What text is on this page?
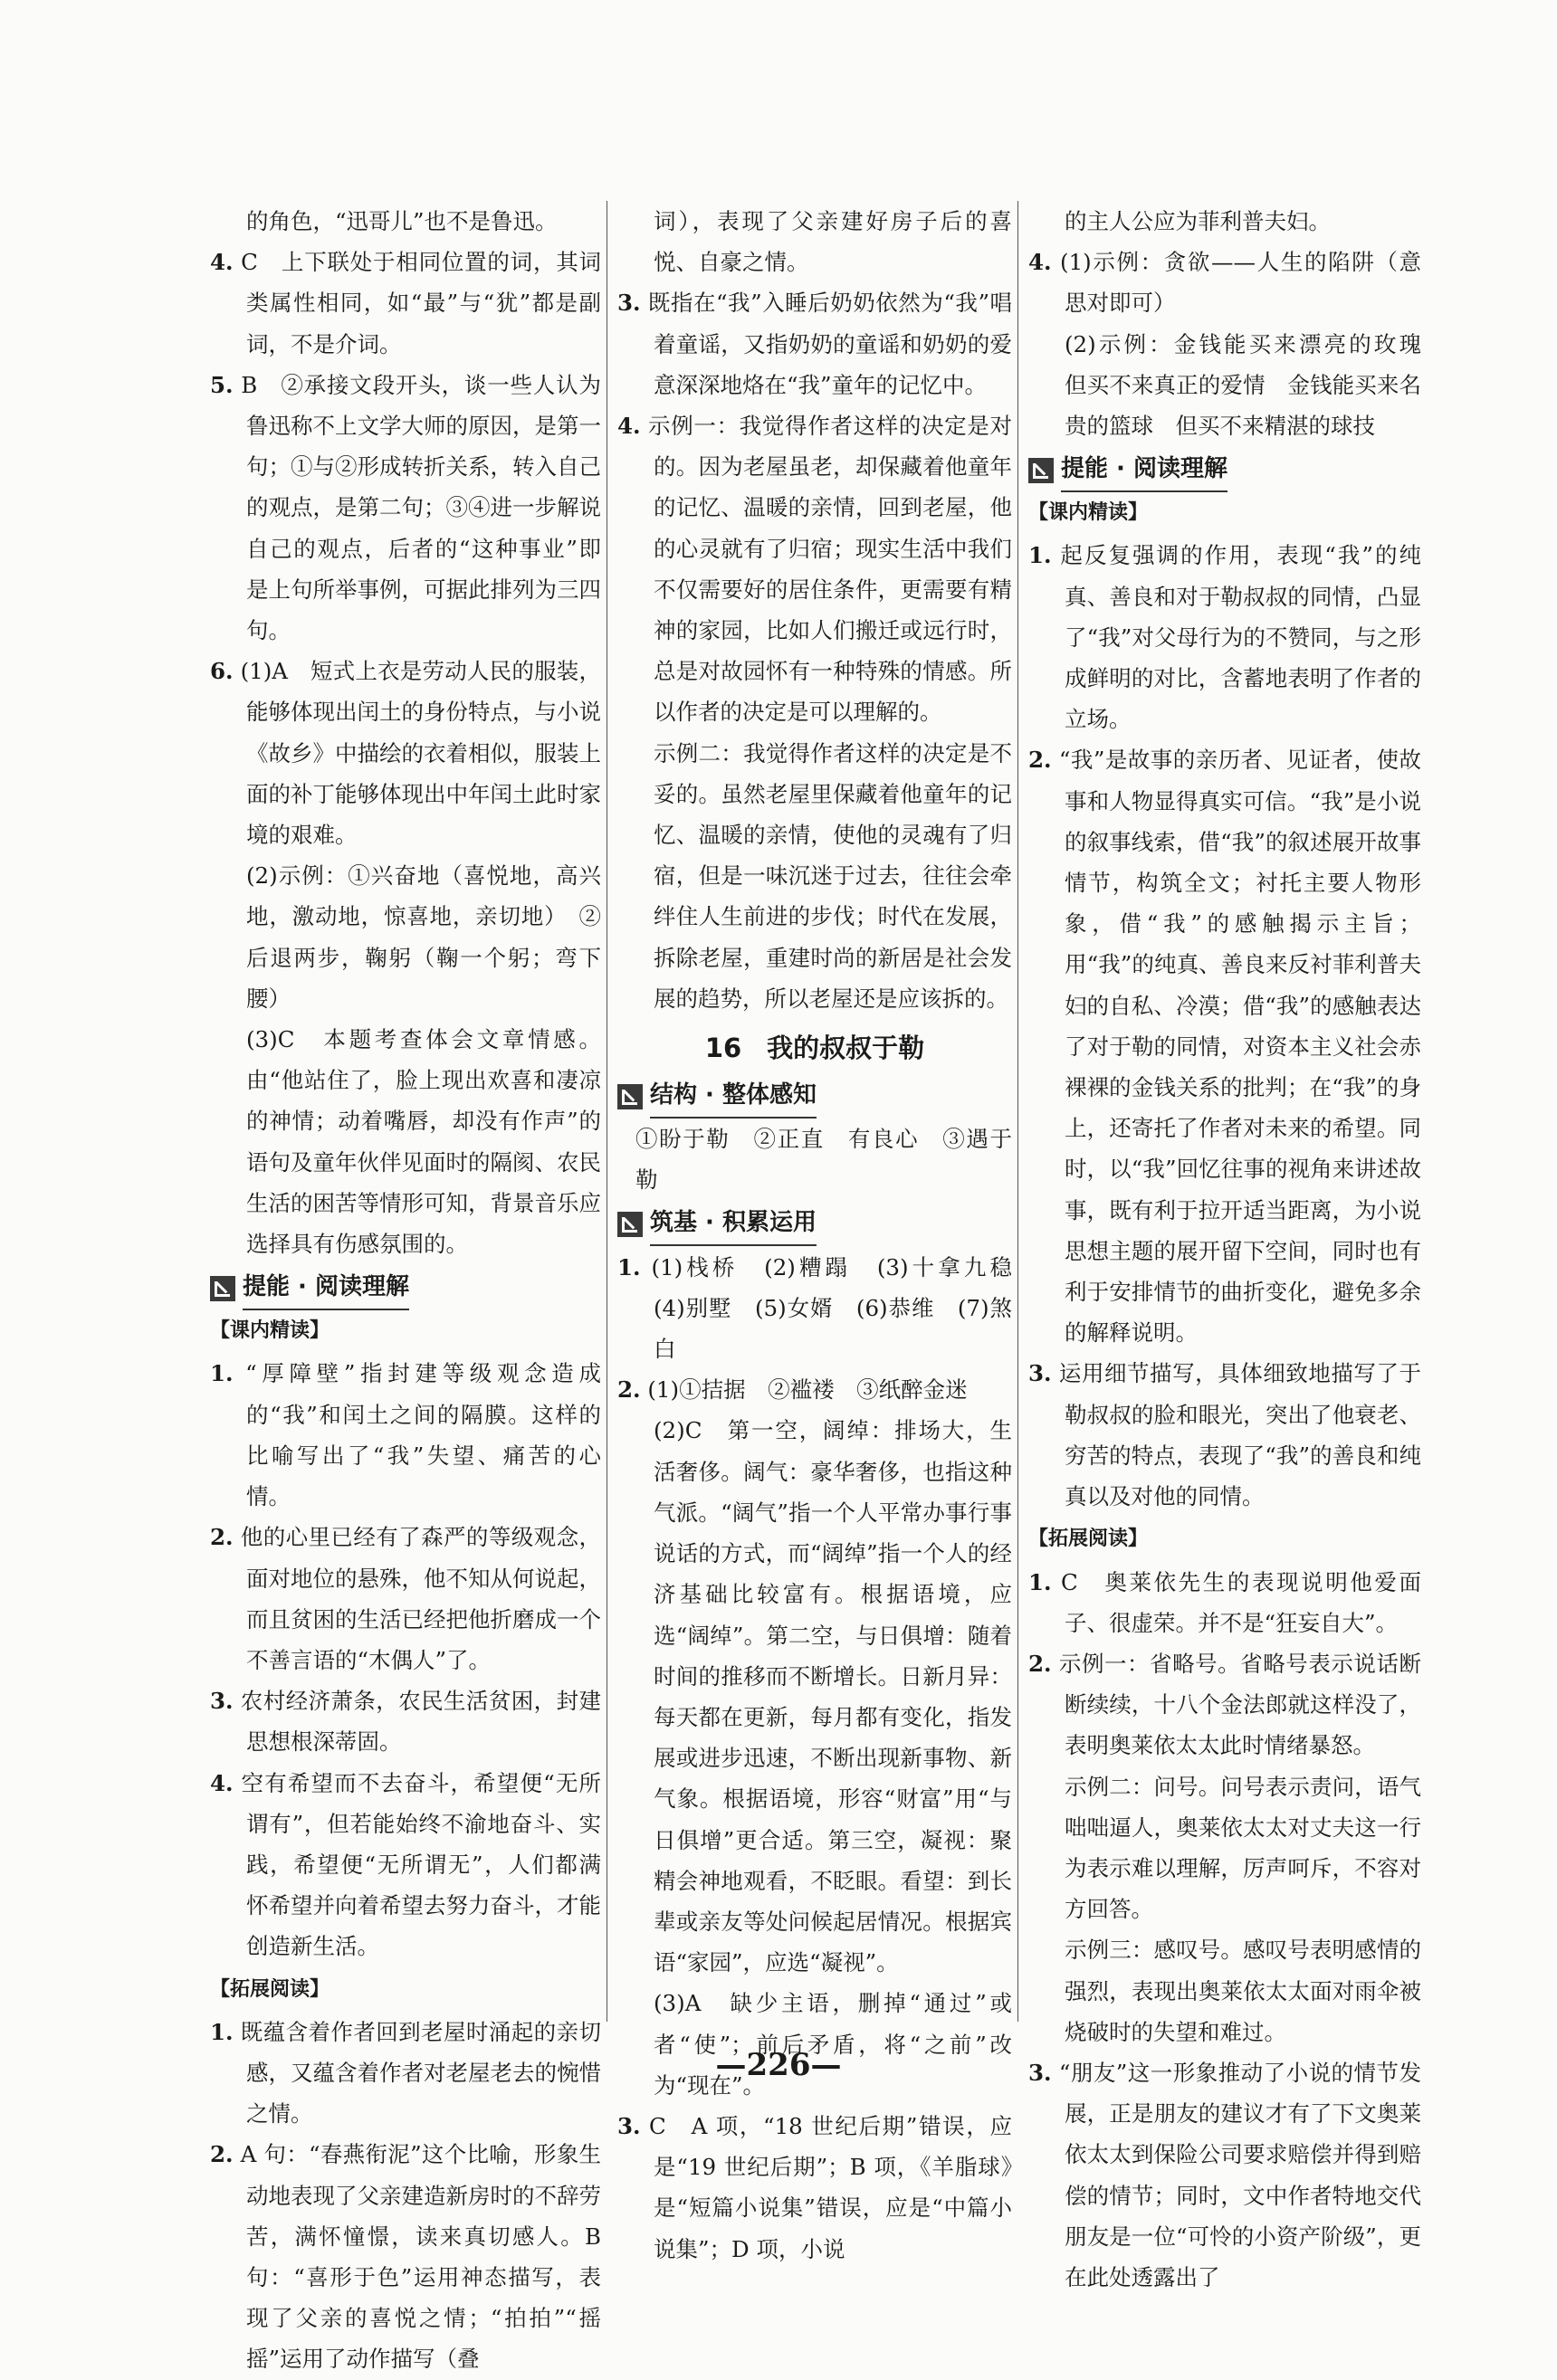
的角色，“迅哥儿”也不是鲁迅。

4. C　上下联处于相同位置的词，其词类属性相同，如“最”与“犹”都是副词，不是介词。

5. B　②承接文段开头，谈一些人认为鲁迅称不上文学大师的原因，是第一句；①与②形成转折关系，转入自己的观点，是第二句；③④进一步解说自己的观点，后者的“这种事业”即是上句所举事例，可据此排列为三四句。

6. (1)A　短式上衣是劳动人民的服装，能够体现出闰土的身份特点，与小说《故乡》中描绘的衣着相似，服装上面的补丁能够体现出中年闰土此时家境的艰难。

(2)示例：①兴奋地（喜悦地，高兴地，激动地，惊喜地，亲切地）　②后退两步，鞠躬（鞠一个躬；弯下腰）

(3)C　本题考查体会文章情感。由“他站住了，脸上现出欢喜和凄凉的神情；动着嘴唇，却没有作声”的语句及童年伙伴见面时的隔阂、农民生活的困苦等情形可知，背景音乐应选择具有伤感氛围的。

提能 · 阅读理解
【课内精读】

1. “厚障壁”指封建等级观念造成的“我”和闰土之间的隔膜。这样的比喻写出了“我”失望、痛苦的心情。

2. 他的心里已经有了森严的等级观念，面对地位的悬殊，他不知从何说起，而且贫困的生活已经把他折磨成一个不善言语的“木偶人”了。

3. 农村经济萧条，农民生活贫困，封建思想根深蒂固。

4. 空有希望而不去奋斗，希望便“无所谓有”，但若能始终不渝地奋斗、实践，希望便“无所谓无”，人们都满怀希望并向着希望去努力奋斗，才能创造新生活。

【拓展阅读】

1. 既蕴含着作者回到老屋时涌起的亲切感，又蕴含着作者对老屋老去的惋惜之情。

2. A 句：“春燕衔泥”这个比喻，形象生动地表现了父亲建造新房时的不辞劳苦，满怀憧憬，读来真切感人。B 句：“喜形于色”运用神态描写，表现了父亲的喜悦之情；“拍拍”“摇摇”运用了动作描写（叠

词），表现了父亲建好房子后的喜悦、自豪之情。

3. 既指在“我”入睡后奶奶依然为“我”唱着童谣，又指奶奶的童谣和奶奶的爱意深深地烙在“我”童年的记忆中。

4. 示例一：我觉得作者这样的决定是对的。因为老屋虽老，却保藏着他童年的记忆、温暖的亲情，回到老屋，他的心灵就有了归宿；现实生活中我们不仅需要好的居住条件，更需要有精神的家园，比如人们搬迁或远行时，总是对故园怀有一种特殊的情感。所以作者的决定是可以理解的。

示例二：我觉得作者这样的决定是不妥的。虽然老屋里保藏着他童年的记忆、温暖的亲情，使他的灵魂有了归宿，但是一味沉迷于过去，往往会牵绊住人生前进的步伐；时代在发展，拆除老屋，重建时尚的新居是社会发展的趋势，所以老屋还是应该拆的。

16 我的叔叔于勒
结构 · 整体感知

①盼于勒　②正直　有良心　③遇于勒

筑基 · 积累运用

1. (1)栈桥　(2)糟蹋　(3)十拿九稳　(4)别墅　(5)女婿　(6)恭维　(7)煞白

2. (1)①拮据　②褴褛　③纸醉金迷

(2)C　第一空，阔绰：排场大，生活奢侈。阔气：豪华奢侈，也指这种气派。“阔气”指一个人平常办事行事说话的方式，而“阔绰”指一个人的经济基础比较富有。根据语境，应选“阔绰”。第二空，与日俱增：随着时间的推移而不断增长。日新月异：每天都在更新，每月都有变化，指发展或进步迅速，不断出现新事物、新气象。根据语境，形容“财富”用“与日俱增”更合适。第三空，凝视：聚精会神地观看，不眨眼。看望：到长辈或亲友等处问候起居情况。根据宾语“家园”，应选“凝视”。

(3)A　缺少主语，删掉“通过”或者“使”；前后矛盾，将“之前”改为“现在”。

3. C　A 项，“18 世纪后期”错误，应是“19 世纪后期”；B 项，《羊脂球》是“短篇小说集”错误，应是“中篇小说集”；D 项，小说

的主人公应为菲利普夫妇。

4. (1)示例：贪欲——人生的陷阱（意思对即可）

(2)示例：金钱能买来漂亮的玫瑰　但买不来真正的爱情　金钱能买来名贵的篮球　但买不来精湛的球技

提能 · 阅读理解
【课内精读】

1. 起反复强调的作用，表现“我”的纯真、善良和对于勒叔叔的同情，凸显了“我”对父母行为的不赞同，与之形成鲜明的对比，含蓄地表明了作者的立场。

2. “我”是故事的亲历者、见证者，使故事和人物显得真实可信。“我”是小说的叙事线索，借“我”的叙述展开故事情节，构筑全文；衬托主要人物形象，借“我”的感触揭示主旨；用“我”的纯真、善良来反衬菲利普夫妇的自私、冷漠；借“我”的感触表达了对于勒的同情，对资本主义社会赤裸裸的金钱关系的批判；在“我”的身上，还寄托了作者对未来的希望。同时，以“我”回忆往事的视角来讲述故事，既有利于拉开适当距离，为小说思想主题的展开留下空间，同时也有利于安排情节的曲折变化，避免多余的解释说明。

3. 运用细节描写，具体细致地描写了于勒叔叔的脸和眼光，突出了他衰老、穷苦的特点，表现了“我”的善良和纯真以及对他的同情。

【拓展阅读】

1. C　奥莱依先生的表现说明他爱面子、很虚荣。并不是“狂妄自大”。

2. 示例一：省略号。省略号表示说话断断续续，十八个金法郎就这样没了，表明奥莱依太太此时情绪暴怒。

示例二：问号。问号表示责问，语气咄咄逼人，奥莱依太太对丈夫这一行为表示难以理解，厉声呵斥，不容对方回答。

示例三：感叹号。感叹号表明感情的强烈，表现出奥莱依太太面对雨伞被烧破时的失望和难过。

3. “朋友”这一形象推动了小说的情节发展，正是朋友的建议才有了下文奥莱依太太到保险公司要求赔偿并得到赔偿的情节；同时，文中作者特地交代朋友是一位“可怜的小资产阶级”，更在此处透露出了

—226—
